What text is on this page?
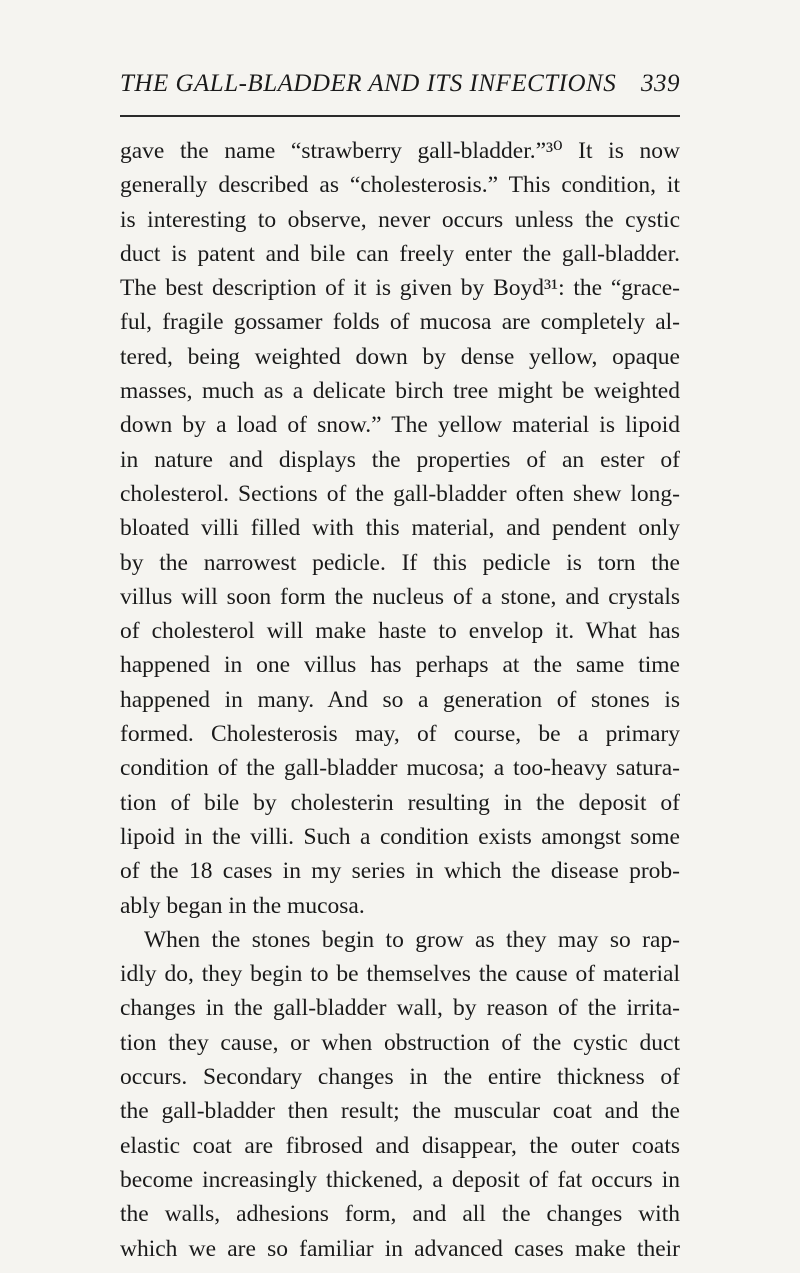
THE GALL-BLADDER AND ITS INFECTIONS 339
gave the name “strawberry gall-bladder.”³⁰ It is now
generally described as “cholesterosis.” This condition, it
is interesting to observe, never occurs unless the cystic
duct is patent and bile can freely enter the gall-bladder.
The best description of it is given by Boyd³¹: the “grace-
ful, fragile gossamer folds of mucosa are completely al-
tered, being weighted down by dense yellow, opaque
masses, much as a delicate birch tree might be weighted
down by a load of snow.” The yellow material is lipoid
in nature and displays the properties of an ester of
cholesterol. Sections of the gall-bladder often shew long-
bloated villi filled with this material, and pendent only
by the narrowest pedicle. If this pedicle is torn the
villus will soon form the nucleus of a stone, and crystals
of cholesterol will make haste to envelop it. What has
happened in one villus has perhaps at the same time
happened in many. And so a generation of stones is
formed. Cholesterosis may, of course, be a primary
condition of the gall-bladder mucosa; a too-heavy satura-
tion of bile by cholesterin resulting in the deposit of
lipoid in the villi. Such a condition exists amongst some
of the 18 cases in my series in which the disease prob-
ably began in the mucosa.
When the stones begin to grow as they may so rap-
idly do, they begin to be themselves the cause of material
changes in the gall-bladder wall, by reason of the irrita-
tion they cause, or when obstruction of the cystic duct
occurs. Secondary changes in the entire thickness of
the gall-bladder then result; the muscular coat and the
elastic coat are fibrosed and disappear, the outer coats
become increasingly thickened, a deposit of fat occurs in
the walls, adhesions form, and all the changes with
which we are so familiar in advanced cases make their
